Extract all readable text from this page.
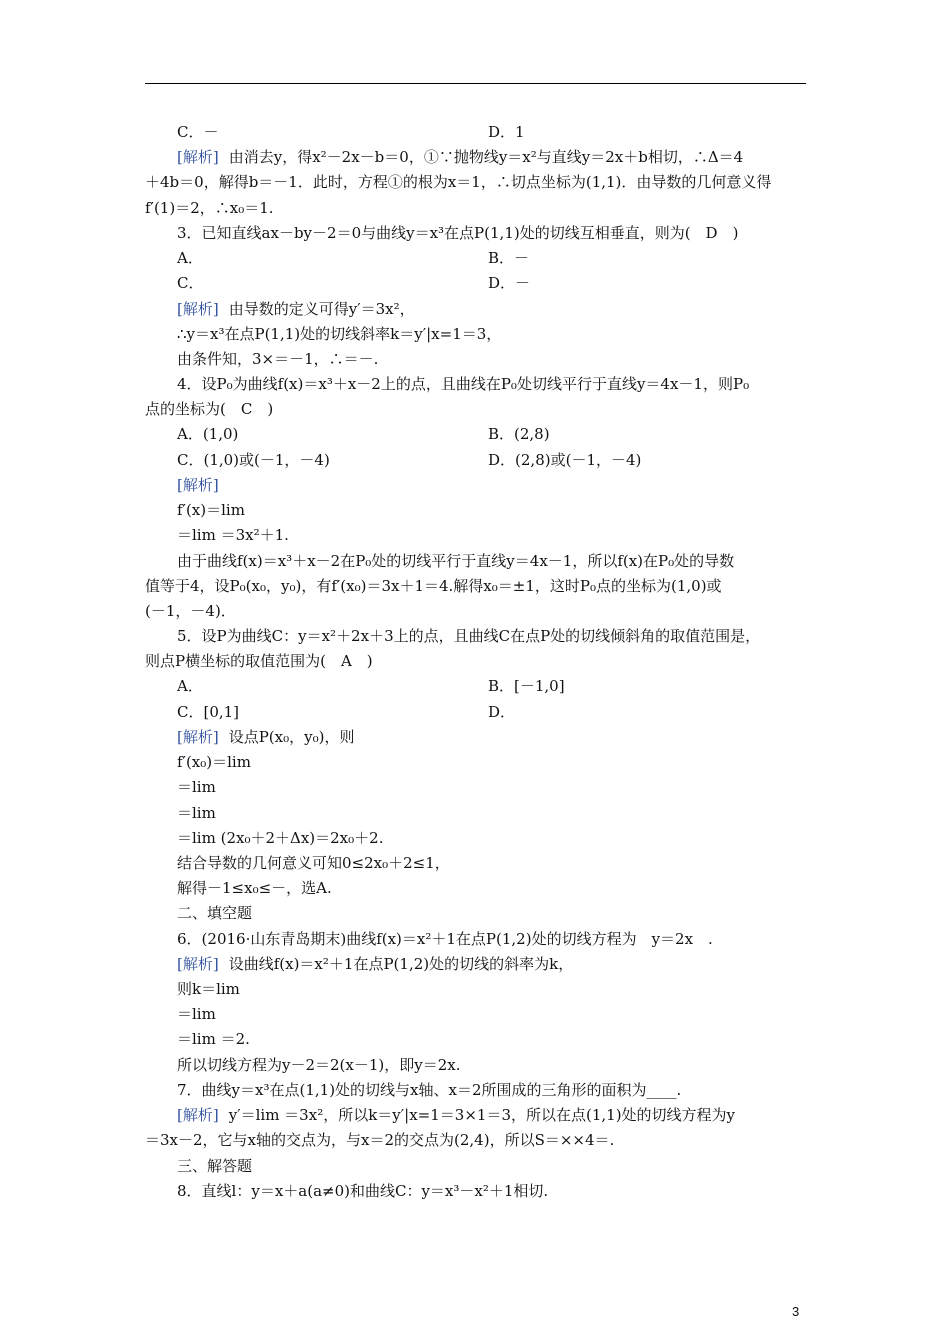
C．－	D．1
[解析] 由消去y，得x²－2x－b＝0，①∵抛物线y＝x²与直线y＝2x＋b相切，∴Δ＝4
＋4b＝0，解得b＝－1．此时，方程①的根为x＝1，∴切点坐标为(1,1)．由导数的几何意义得
f′(1)＝2，∴x₀＝1.
3．已知直线ax－by－2＝0与曲线y＝x³在点P(1,1)处的切线互相垂直，则为(　D　)
A．	B．－
C．	D．－
[解析] 由导数的定义可得y′＝3x²，
∴y＝x³在点P(1,1)处的切线斜率k＝y′|x=1＝3，
由条件知，3×＝－1，∴＝－.
4．设P₀为曲线f(x)＝x³＋x－2上的点，且曲线在P₀处切线平行于直线y＝4x－1，则P₀
点的坐标为(　C　)
A．(1,0)	B．(2,8)
C．(1,0)或(－1，－4)	D．(2,8)或(－1，－4)
[解析]
f′(x)＝lim
＝lim ＝3x²＋1.
由于曲线f(x)＝x³＋x－2在P₀处的切线平行于直线y＝4x－1，所以f(x)在P₀处的导数
值等于4，设P₀(x₀，y₀)，有f′(x₀)＝3x＋1＝4.解得x₀＝±1，这时P₀点的坐标为(1,0)或
(－1，－4)．
5．设P为曲线C：y＝x²＋2x＋3上的点，且曲线C在点P处的切线倾斜角的取值范围是，
则点P横坐标的取值范围为(　A　)
A．	B．[－1,0]
C．[0,1]	D．
[解析] 设点P(x₀，y₀)，则
f′(x₀)＝lim
＝lim
＝lim
＝lim (2x₀＋2＋Δx)＝2x₀＋2.
结合导数的几何意义可知0≤2x₀＋2≤1，
解得－1≤x₀≤－，选A.
二、填空题
6．(2016·山东青岛期末)曲线f(x)＝x²＋1在点P(1,2)处的切线方程为　y＝2x　.
[解析] 设曲线f(x)＝x²＋1在点P(1,2)处的切线的斜率为k，
则k＝lim
＝lim
＝lim ＝2.
所以切线方程为y－2＝2(x－1)，即y＝2x.
7．曲线y＝x³在点(1,1)处的切线与x轴、x＝2所围成的三角形的面积为____.
[解析] y′＝lim ＝3x²，所以k＝y′|x=1＝3×1＝3，所以在点(1,1)处的切线方程为y
＝3x－2，它与x轴的交点为，与x＝2的交点为(2,4)，所以S＝××4＝.
三、解答题
8．直线l：y＝x＋a(a≠0)和曲线C：y＝x³－x²＋1相切.
3
